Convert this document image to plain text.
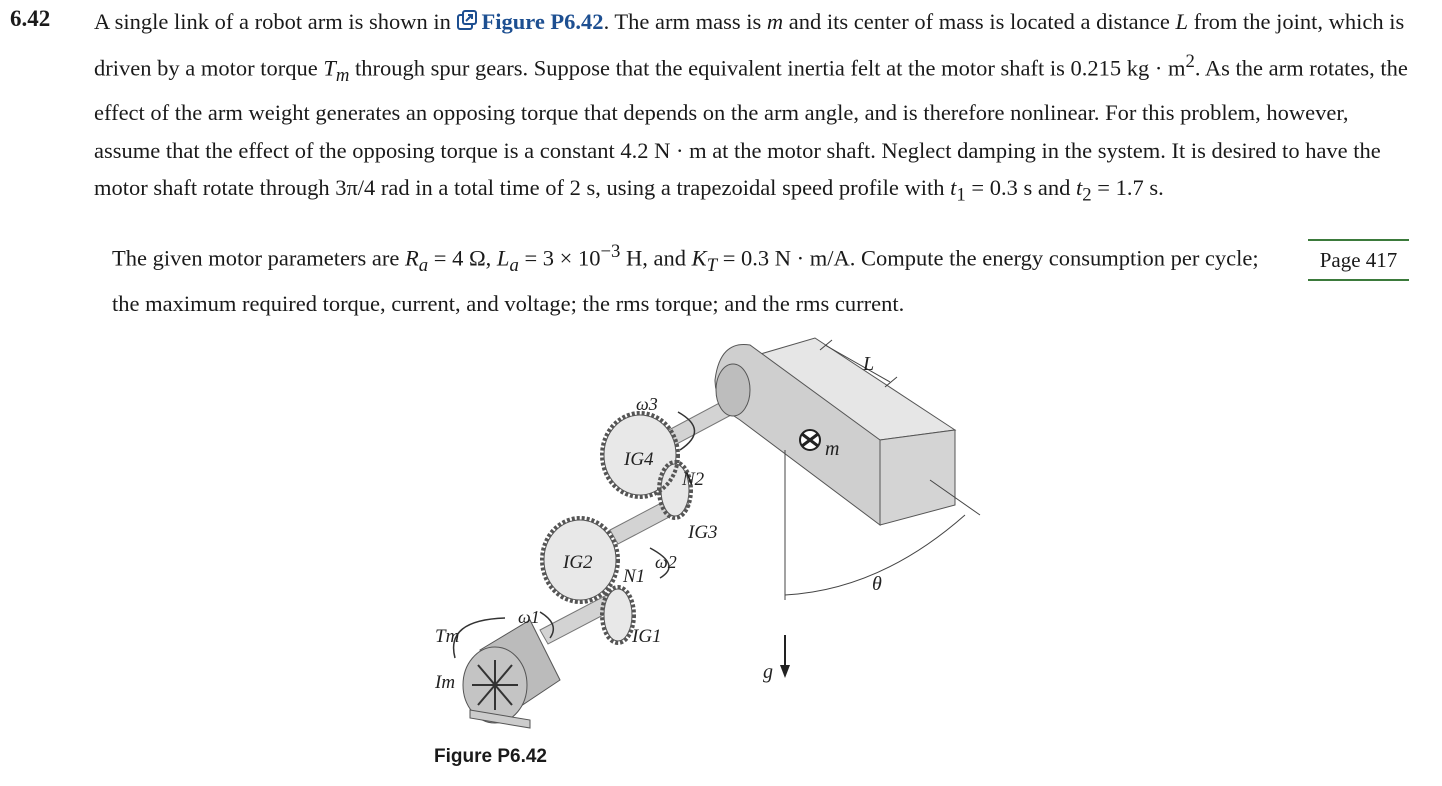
6.42 A single link of a robot arm is shown in Figure P6.42. The arm mass is m and its center of mass is located a distance L from the joint, which is driven by a motor torque $T_m$ through spur gears. Suppose that the equivalent inertia felt at the motor shaft is 0.215 kg · $m^2$. As the arm rotates, the effect of the arm weight generates an opposing torque that depends on the arm angle, and is therefore nonlinear. For this problem, however, assume that the effect of the opposing torque is a constant 4.2 N · m at the motor shaft. Neglect damping in the system. It is desired to have the motor shaft rotate through 3π/4 rad in a total time of 2 s, using a trapezoidal speed profile with $t_1 = 0.3$ s and $t_2 = 1.7$ s.
The given motor parameters are $R_a = 4$ Ω, $L_a = 3 \times 10^{-3}$ H, and $K_T = 0.3$ N · m/A. Compute the energy consumption per cycle; the maximum required torque, current, and voltage; the rms torque; and the rms current.
Page 417
m
L
ω3
IG4
N2
IG3
IG2	ω2
N1
ω1
IG1
Tm
Im
θ
g
Figure P6.42
